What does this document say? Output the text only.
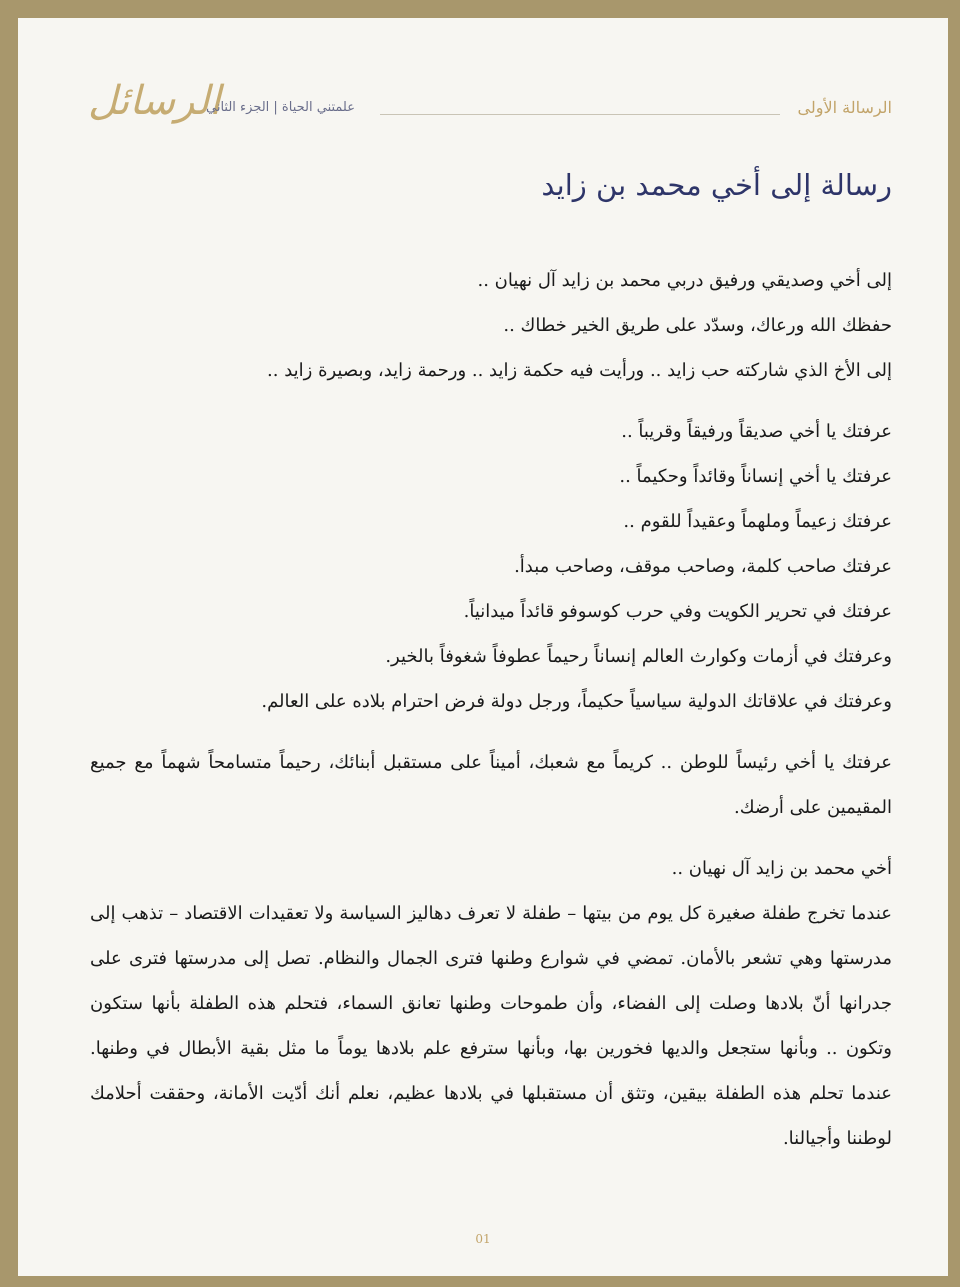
الرسائل
علمتني الحياة | الجزء الثاني	الرسالة الأولى
رسالة إلى أخي محمد بن زايد
إلى أخي وصديقي ورفيق دربي محمد بن زايد آل نهيان ..
حفظك الله ورعاك، وسدّد على طريق الخير خطاك ..
إلى الأخ الذي شاركته حب زايد .. ورأيت فيه حكمة زايد .. ورحمة زايد، وبصيرة زايد ..
عرفتك يا أخي صديقاً ورفيقاً وقريباً ..
عرفتك يا أخي إنساناً وقائداً وحكيماً ..
عرفتك زعيماً وملهماً وعقيداً للقوم ..
عرفتك صاحب كلمة، وصاحب موقف، وصاحب مبدأ.
عرفتك في تحرير الكويت وفي حرب كوسوفو قائداً ميدانياً.
وعرفتك في أزمات وكوارث العالم إنساناً رحيماً عطوفاً شغوفاً بالخير.
وعرفتك في علاقاتك الدولية سياسياً حكيماً، ورجل دولة فرض احترام بلاده على العالم.
عرفتك يا أخي رئيساً للوطن .. كريماً مع شعبك، أميناً على مستقبل أبنائك، رحيماً متسامحاً شهماً مع جميع المقيمين على أرضك.
أخي محمد بن زايد آل نهيان ..
عندما تخرج طفلة صغيرة كل يوم من بيتها – طفلة لا تعرف دهاليز السياسة ولا تعقيدات الاقتصاد – تذهب إلى مدرستها وهي تشعر بالأمان. تمضي في شوارع وطنها فترى الجمال والنظام. تصل إلى مدرستها فترى على جدرانها أنّ بلادها وصلت إلى الفضاء، وأن طموحات وطنها تعانق السماء، فتحلم هذه الطفلة بأنها ستكون وتكون .. وبأنها ستجعل والديها فخورين بها، وبأنها سترفع علم بلادها يوماً ما مثل بقية الأبطال في وطنها. عندما تحلم هذه الطفلة بيقين، وتثق أن مستقبلها في بلادها عظيم، نعلم أنك أدّيت الأمانة، وحققت أحلامك لوطننا وأجيالنا.
01
